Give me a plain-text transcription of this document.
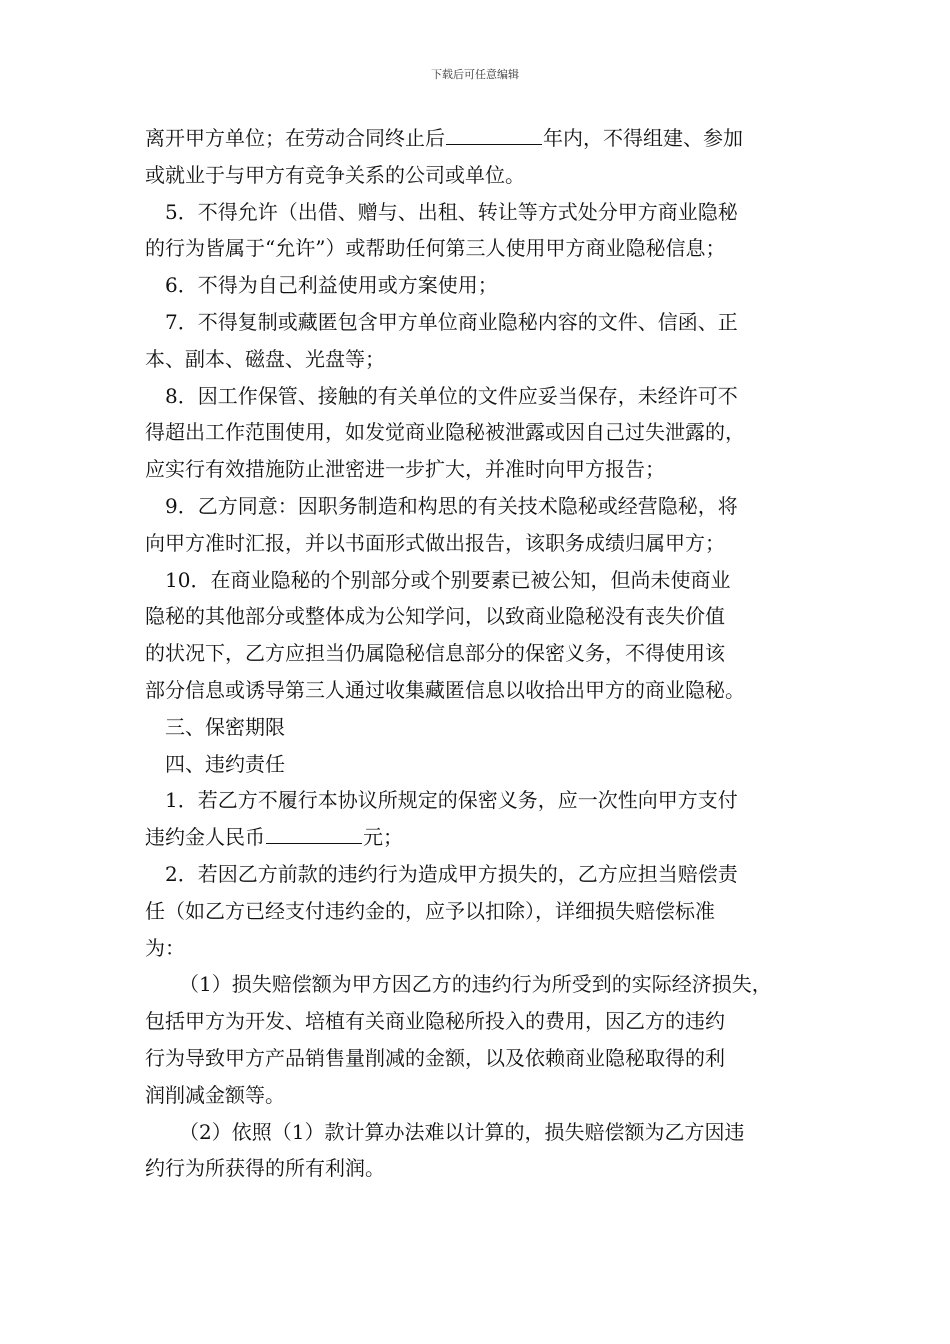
下载后可任意编辑
离开甲方单位；在劳动合同终止后	年内，不得组建、参加
或就业于与甲方有竞争关系的公司或单位。
5．不得允许（出借、赠与、出租、转让等方式处分甲方商业隐秘
的行为皆属于“允许”）或帮助任何第三人使用甲方商业隐秘信息；
6．不得为自己利益使用或方案使用；
7．不得复制或藏匿包含甲方单位商业隐秘内容的文件、信函、正
本、副本、磁盘、光盘等；
8．因工作保管、接触的有关单位的文件应妥当保存，未经许可不
得超出工作范围使用，如发觉商业隐秘被泄露或因自己过失泄露的，
应实行有效措施防止泄密进一步扩大，并准时向甲方报告；
9．乙方同意：因职务制造和构思的有关技术隐秘或经营隐秘，将
向甲方准时汇报，并以书面形式做出报告，该职务成绩归属甲方；
10．在商业隐秘的个别部分或个别要素已被公知，但尚未使商业
隐秘的其他部分或整体成为公知学问，以致商业隐秘没有丧失价值
的状况下，乙方应担当仍属隐秘信息部分的保密义务，不得使用该
部分信息或诱导第三人通过收集藏匿信息以收拾出甲方的商业隐秘。
三、保密期限
四、违约责任
1．若乙方不履行本协议所规定的保密义务，应一次性向甲方支付
违约金人民币	元；
2．若因乙方前款的违约行为造成甲方损失的，乙方应担当赔偿责
任（如乙方已经支付违约金的，应予以扣除），详细损失赔偿标准
为：
（1）损失赔偿额为甲方因乙方的违约行为所受到的实际经济损失，
包括甲方为开发、培植有关商业隐秘所投入的费用，因乙方的违约
行为导致甲方产品销售量削减的金额，以及依赖商业隐秘取得的利
润削减金额等。
（2）依照（1）款计算办法难以计算的，损失赔偿额为乙方因违
约行为所获得的所有利润。
